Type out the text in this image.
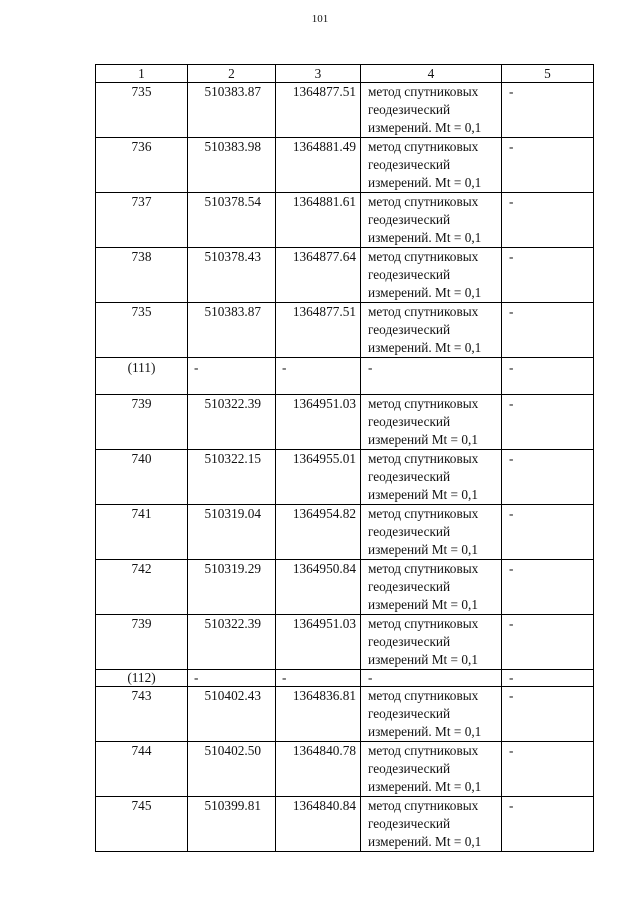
101
1	2	3	4	5
735	510383.87	1364877.51	метод спутниковых
геодезический
измерений. Mt = 0,1	-
736	510383.98	1364881.49	метод спутниковых
геодезический
измерений. Mt = 0,1	-
737	510378.54	1364881.61	метод спутниковых
геодезический
измерений. Mt = 0,1	-
738	510378.43	1364877.64	метод спутниковых
геодезический
измерений. Mt = 0,1	-
735	510383.87	1364877.51	метод спутниковых
геодезический
измерений. Mt = 0,1	-
(111)	-	-	-	-
739	510322.39	1364951.03	метод спутниковых
геодезический
измерений Mt = 0,1	-
740	510322.15	1364955.01	метод спутниковых
геодезический
измерений Mt = 0,1	-
741	510319.04	1364954.82	метод спутниковых
геодезический
измерений Mt = 0,1	-
742	510319.29	1364950.84	метод спутниковых
геодезический
измерений Mt = 0,1	-
739	510322.39	1364951.03	метод спутниковых
геодезический
измерений Mt = 0,1	-
(112)	-	-	-	-
743	510402.43	1364836.81	метод спутниковых
геодезический
измерений. Mt = 0,1	-
744	510402.50	1364840.78	метод спутниковых
геодезический
измерений. Mt = 0,1	-
745	510399.81	1364840.84	метод спутниковых
геодезический
измерений. Mt = 0,1	-
